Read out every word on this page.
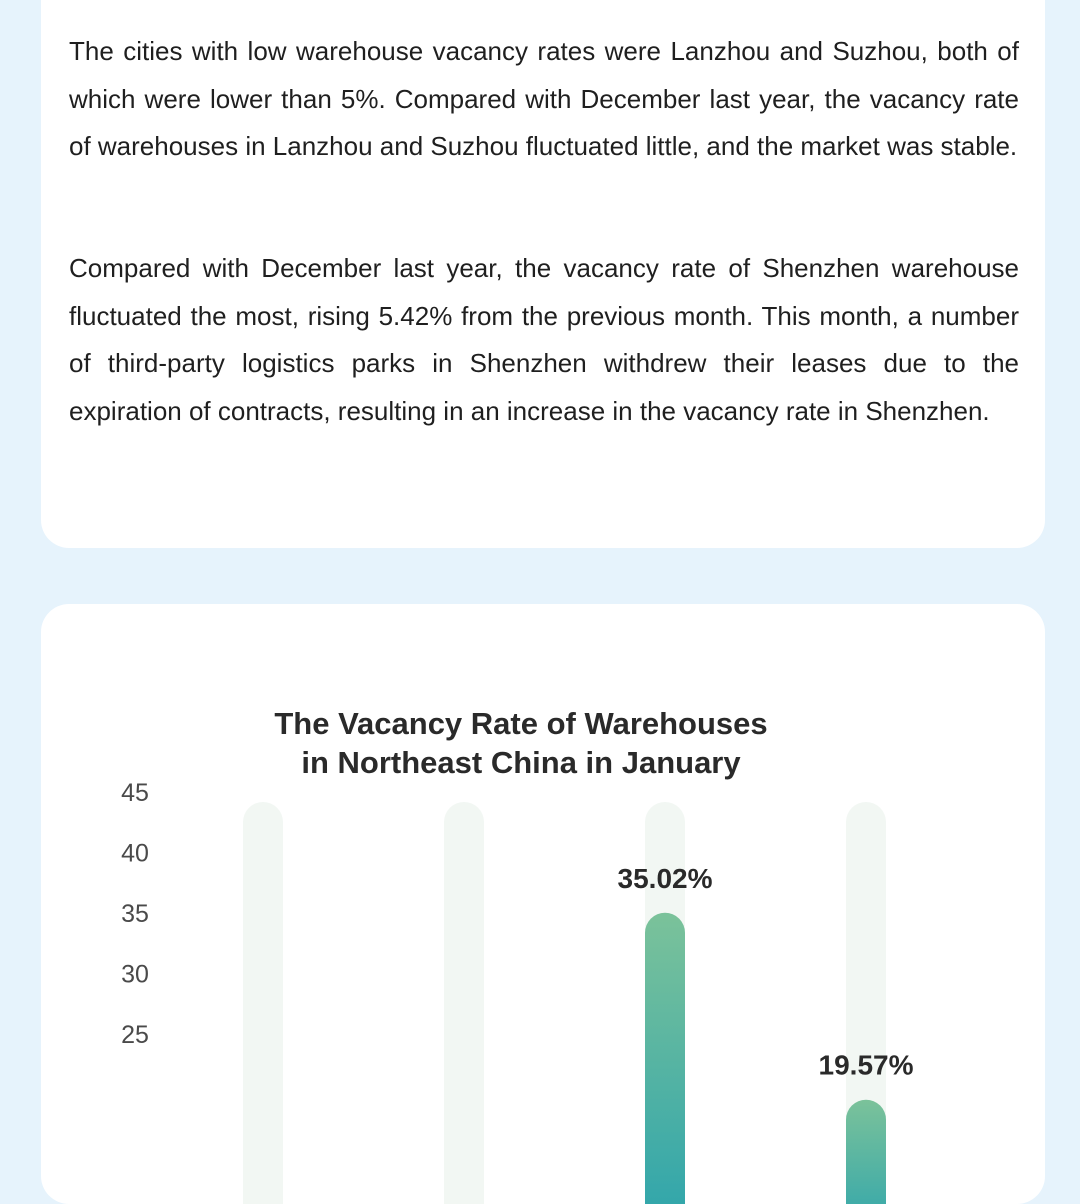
The cities with low warehouse vacancy rates were Lanzhou and Suzhou, both of which were lower than 5%. Compared with December last year, the vacancy rate of warehouses in Lanzhou and Suzhou fluctuated little, and the market was stable.

Compared with December last year, the vacancy rate of Shenzhen warehouse fluctuated the most, rising 5.42% from the previous month. This month, a number of third-party logistics parks in Shenzhen withdrew their leases due to the expiration of contracts, resulting in an increase in the vacancy rate in Shenzhen.

The Vacancy Rate of Warehouses
in Northeast China in January
45
40
35
30
25
35.02%
19.57%
